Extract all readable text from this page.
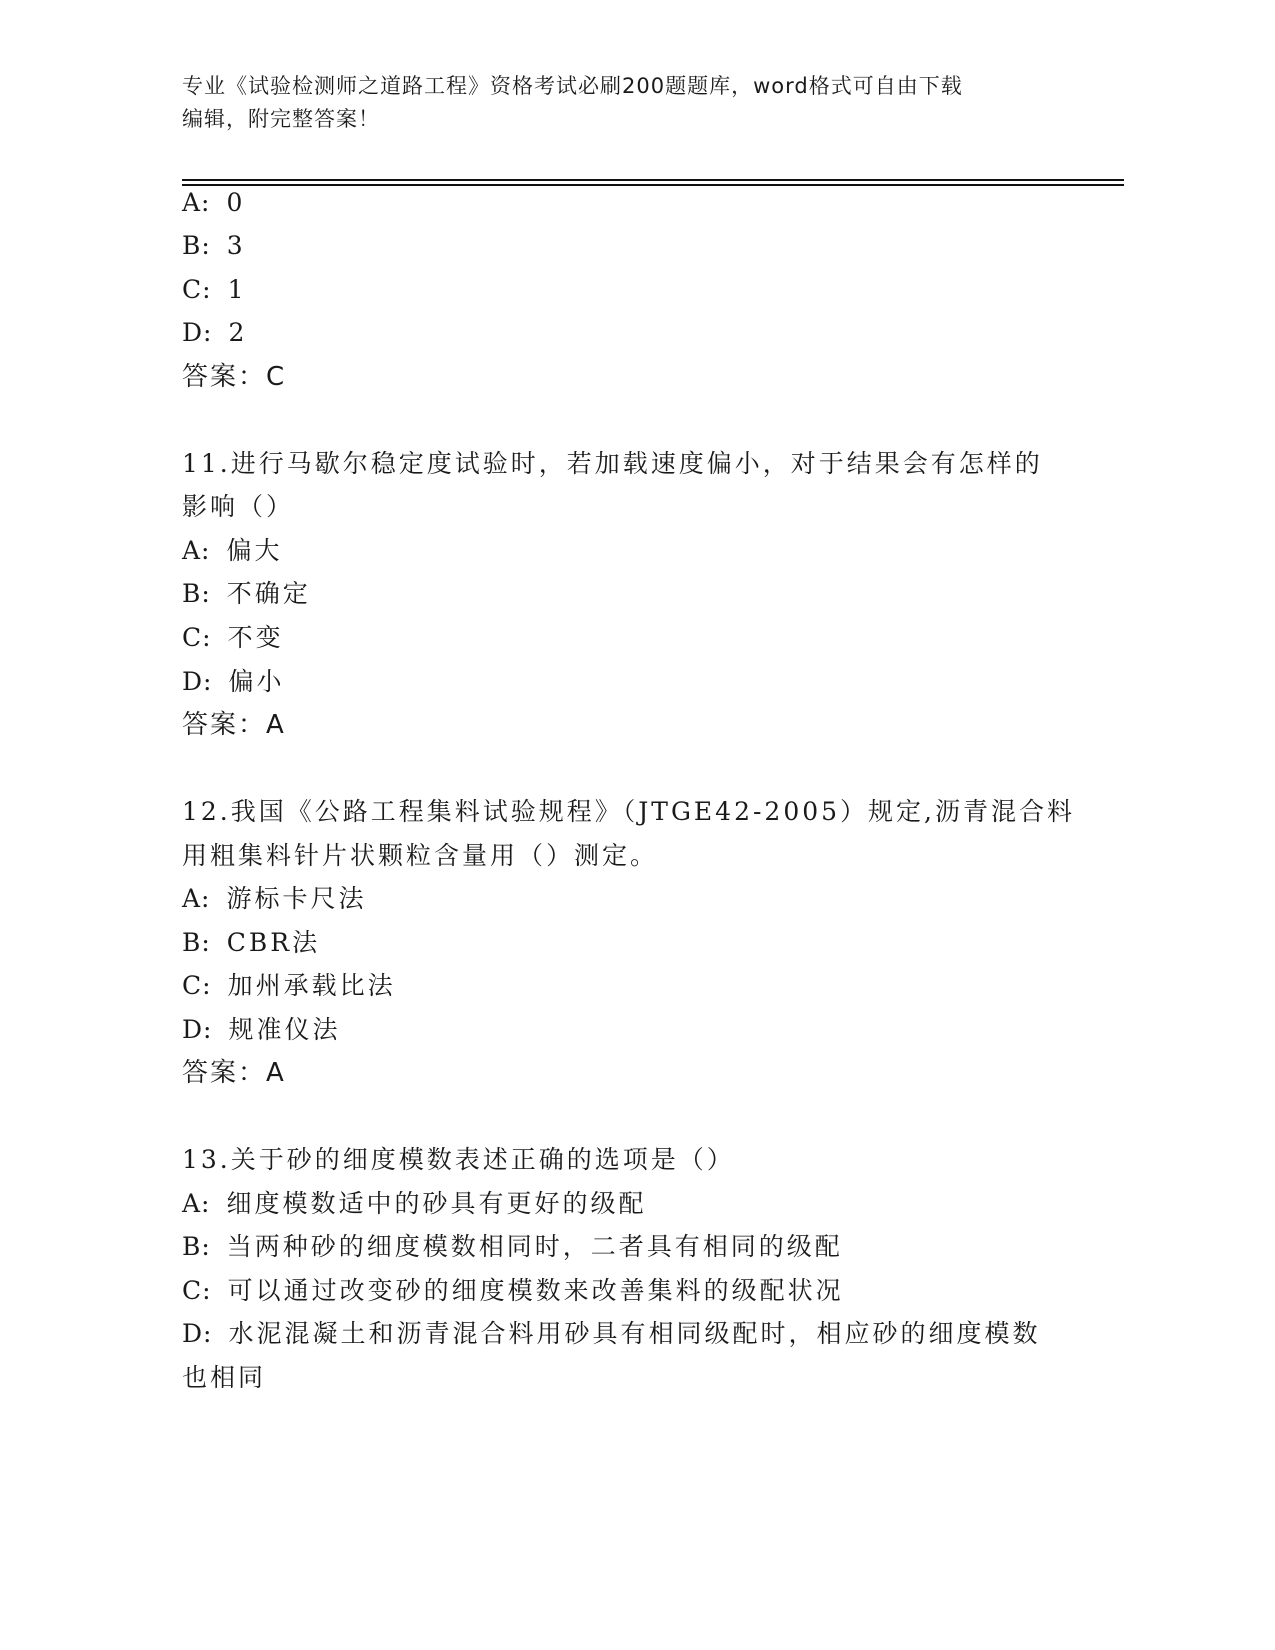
专业《试验检测师之道路工程》资格考试必刷200题题库，word格式可自由下载
编辑，附完整答案！
A: 0
B: 3
C: 1
D: 2
答案：C
11.进行马歇尔稳定度试验时，若加载速度偏小，对于结果会有怎样的
影响（）
A: 偏大
B: 不确定
C: 不变
D: 偏小
答案：A
12.我国《公路工程集料试验规程》（JTGE42-2005）规定,沥青混合料
用粗集料针片状颗粒含量用（）测定。
A: 游标卡尺法
B: CBR法
C: 加州承载比法
D: 规准仪法
答案：A
13.关于砂的细度模数表述正确的选项是（）
A: 细度模数适中的砂具有更好的级配
B: 当两种砂的细度模数相同时，二者具有相同的级配
C: 可以通过改变砂的细度模数来改善集料的级配状况
D: 水泥混凝土和沥青混合料用砂具有相同级配时，相应砂的细度模数
也相同
